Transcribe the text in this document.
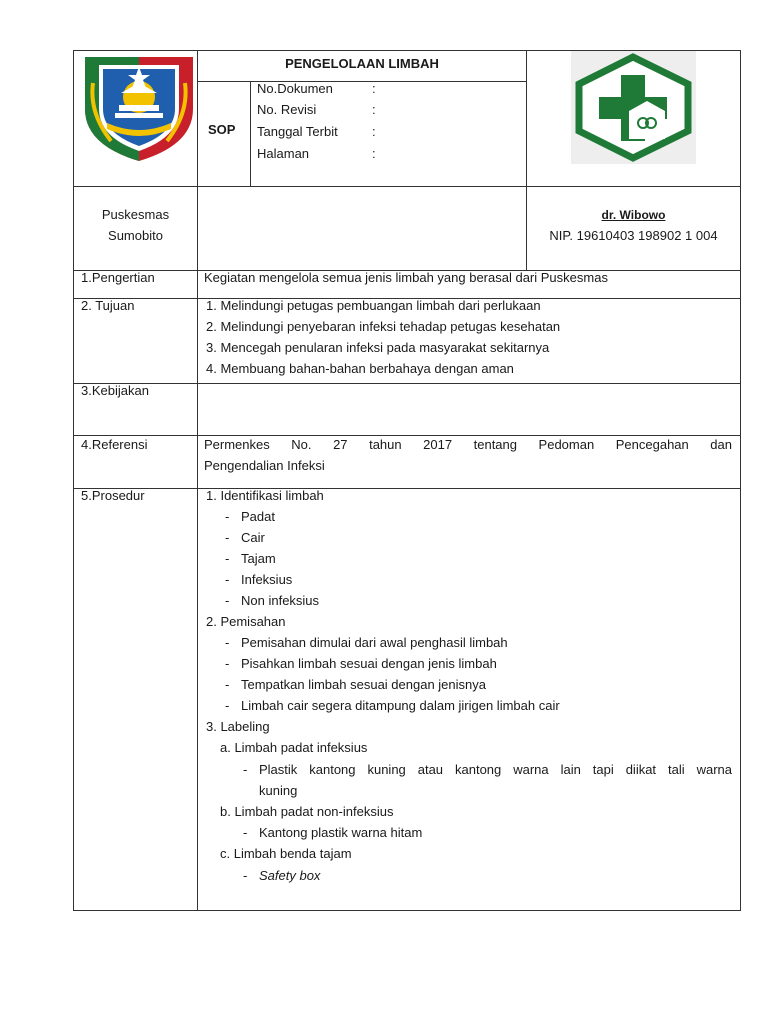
PENGELOLAAN LIMBAH
SOP
No.Dokumen	:
No. Revisi	:
Tanggal Terbit	:
Halaman	:
Puskesmas
Sumobito
dr. Wibowo
NIP. 19610403 198902 1 004
1.Pengertian	Kegiatan mengelola semua jenis limbah yang berasal dari Puskesmas
2. Tujuan	1. Melindungi petugas pembuangan limbah dari perlukaan
2. Melindungi penyebaran infeksi tehadap petugas kesehatan
3. Mencegah penularan infeksi pada masyarakat sekitarnya
4. Membuang bahan-bahan berbahaya dengan aman
3.Kebijakan
4.Referensi	Permenkes No. 27 tahun 2017 tentang Pedoman Pencegahan dan
Pengendalian Infeksi
5.Prosedur	1. Identifikasi limbah
- Padat
- Cair
- Tajam
- Infeksius
- Non infeksius
2. Pemisahan
- Pemisahan dimulai dari awal penghasil limbah
- Pisahkan limbah sesuai dengan jenis limbah
- Tempatkan limbah sesuai dengan jenisnya
- Limbah cair segera ditampung dalam jirigen limbah cair
3. Labeling
a. Limbah padat infeksius
- Plastik kantong kuning atau kantong warna lain tapi diikat tali warna
kuning
b. Limbah padat non-infeksius
- Kantong plastik warna hitam
c. Limbah benda tajam
- Safety box
